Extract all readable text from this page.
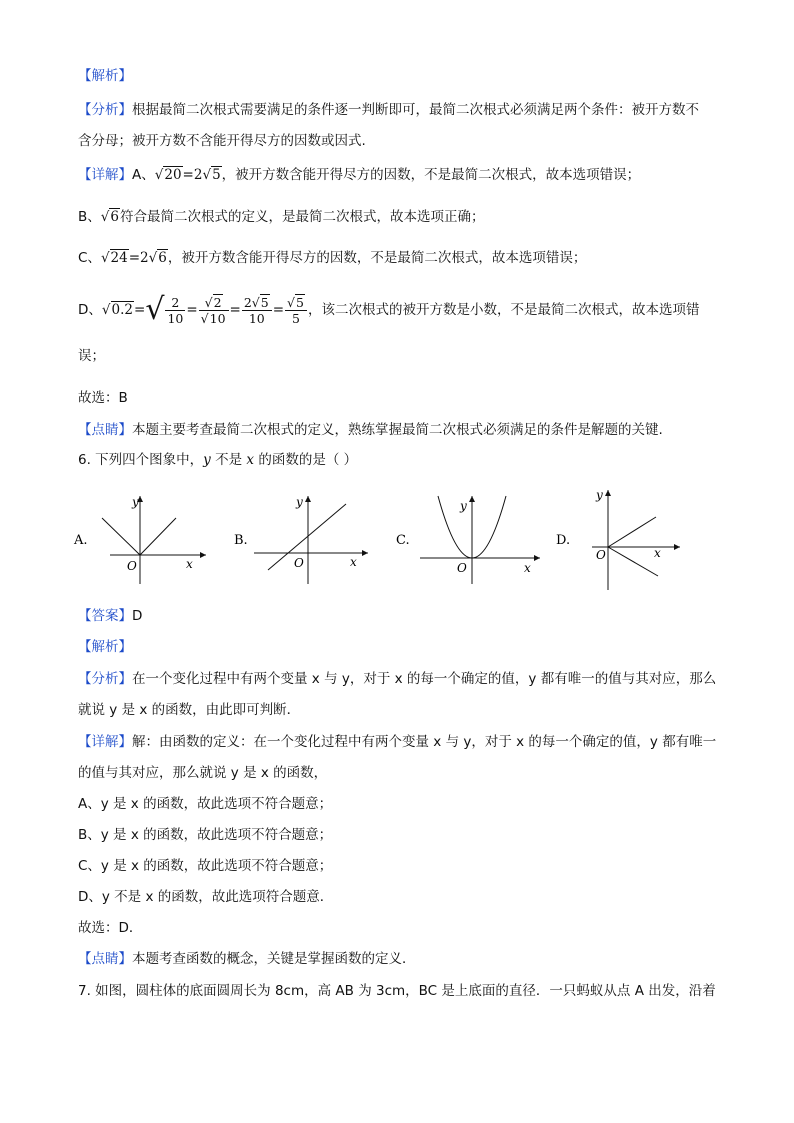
【解析】
【分析】根据最简二次根式需要满足的条件逐一判断即可，最简二次根式必须满足两个条件：被开方数不
含分母；被开方数不含能开得尽方的因数或因式.
【详解】A、√20=2√5，被开方数含能开得尽方的因数，不是最简二次根式，故本选项错误；
B、√6符合最简二次根式的定义，是最简二次根式，故本选项正确；
C、√24=2√6，被开方数含能开得尽方的因数，不是最简二次根式，故本选项错误；
D、$√0.2=√ \frac{2}{10} = \frac{√2}{√10} = \frac{2√5}{10} = \frac{√5}{5}$ ，该二次根式的被开方数是小数，不是最简二次根式，故本选项错
误；
故选：B
【点睛】本题主要考查最简二次根式的定义，熟练掌握最简二次根式必须满足的条件是解题的关键.
6. 下列四个图象中，y 不是 x 的函数的是（ ）
A.
y
x
O
B.
y
x
O
C.
y
x
O
D.
y
x
O
【答案】D
【解析】
【分析】在一个变化过程中有两个变量 x 与 y，对于 x 的每一个确定的值，y 都有唯一的值与其对应，那么
就说 y 是 x 的函数，由此即可判断．
【详解】解：由函数的定义：在一个变化过程中有两个变量 x 与 y，对于 x 的每一个确定的值，y 都有唯一
的值与其对应，那么就说 y 是 x 的函数，
A、y 是 x 的函数，故此选项不符合题意；
B、y 是 x 的函数，故此选项不符合题意；
C、y 是 x 的函数，故此选项不符合题意；
D、y 不是 x 的函数，故此选项符合题意．
故选：D．
【点睛】本题考查函数的概念，关键是掌握函数的定义．
7. 如图，圆柱体的底面圆周长为 8cm，高 AB 为 3cm，BC 是上底面的直径．一只蚂蚁从点 A 出发，沿着
